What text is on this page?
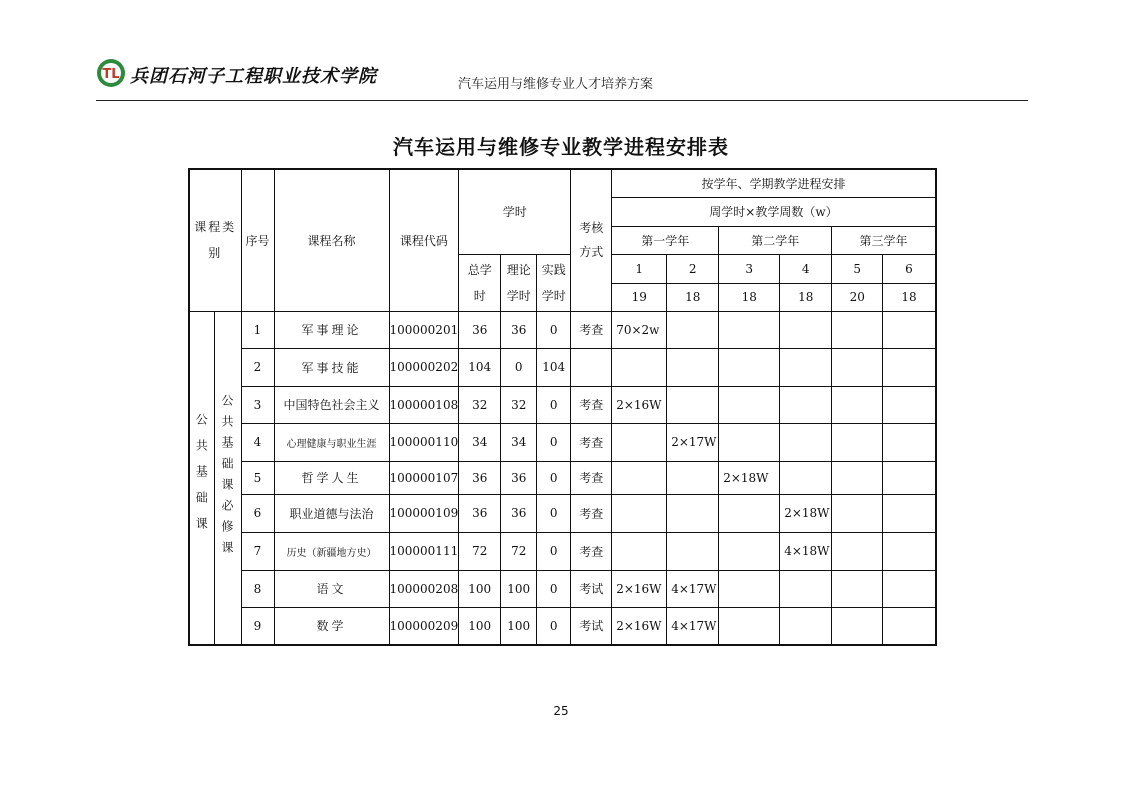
TL 兵团石河子工程职业技术学院	汽车运用与维修专业人才培养方案
汽车运用与维修专业教学进程安排表
课程类别		序号	课程名称	课程代码	学时			考核方式	按学年、学期教学进程安排					
									周学时×教学周数（w）					
									第一学年		第二学年		第三学年	

					总学时	理论学时	实践学时		1	2	3	4	5	6
									19	18	18	18	20	18

公共基础课	公共基础课必修课	1	军事理论	100000201	36	36	0	考查	70×2w					
		2	军事技能	100000202	104	0	104							
		3	中国特色社会主义	100000108	32	32	0	考查	2×16W					
		4	心理健康与职业生涯	100000110	34	34	0	考查		2×17W				
		5	哲学人生	100000107	36	36	0	考查			2×18W			
		6	职业道德与法治	100000109	36	36	0	考查				2×18W		
		7	历史（新疆地方史）	100000111	72	72	0	考查				4×18W		
		8	语文	100000208	100	100	0	考试	2×16W	4×17W				
		9	数学	100000209	100	100	0	考试	2×16W	4×17W				
25
